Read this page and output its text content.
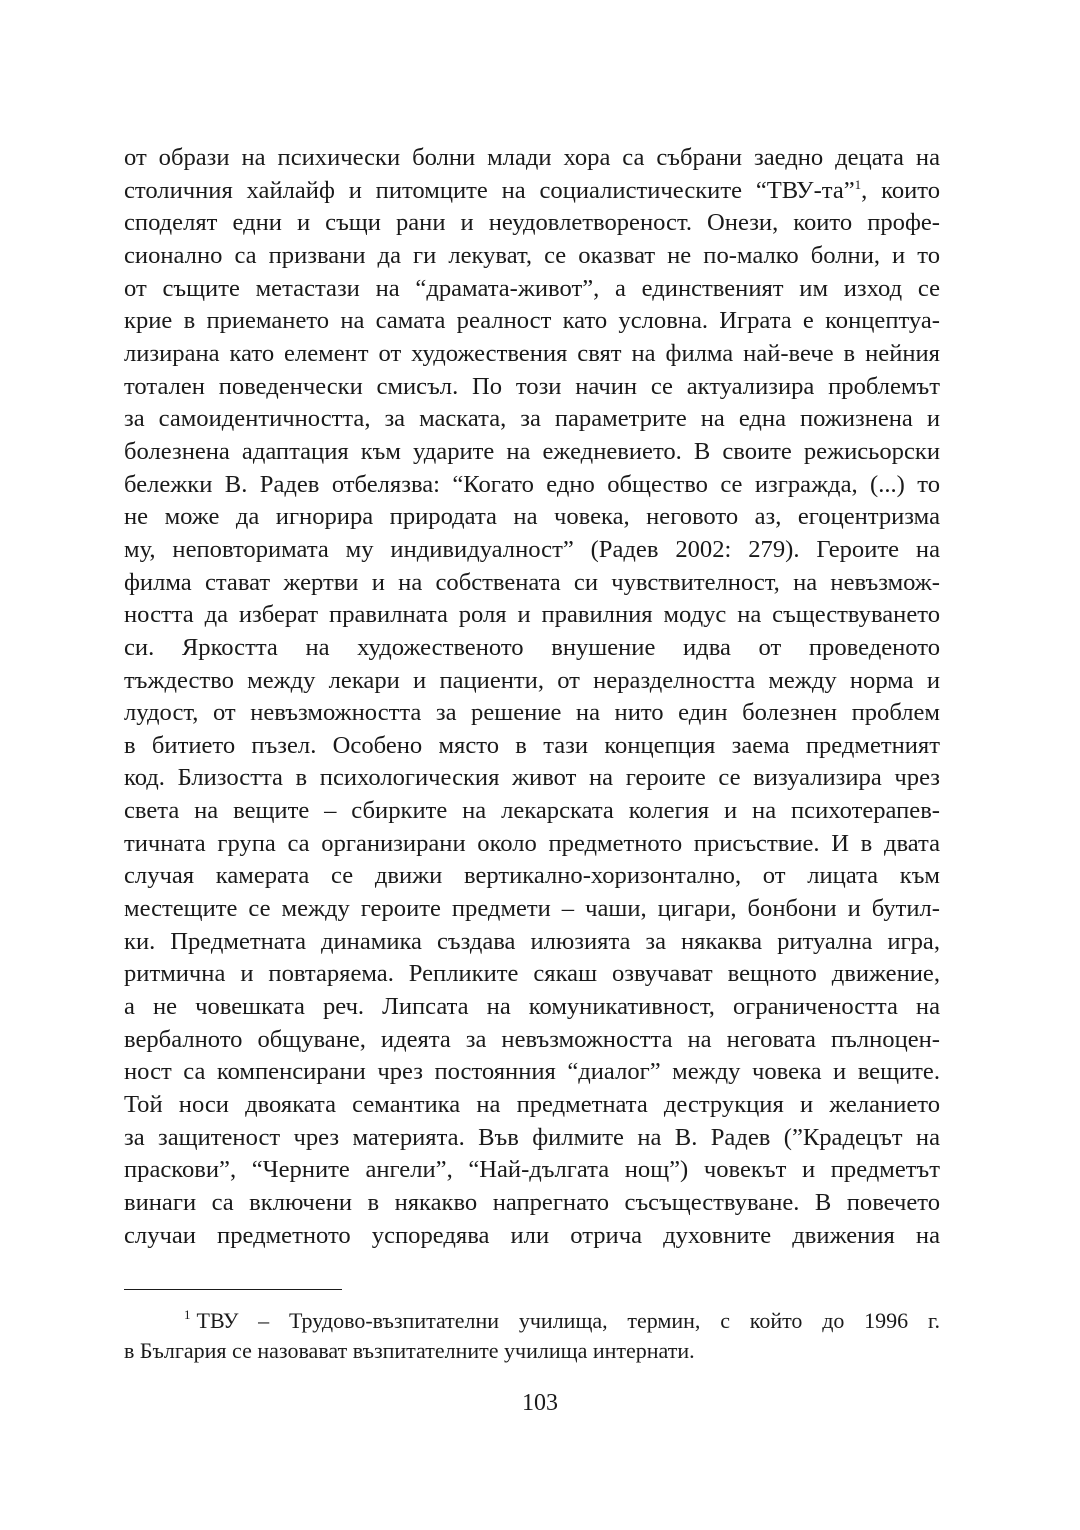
от образи на психически болни млади хора са събрани заедно децата на
столичния хайлайф и питомците на социалистическите “ТВУ-та”$^1$, които
споделят едни и същи рани и неудовлетвореност. Онези, които профе-
сионално са призвани да ги лекуват, се оказват не по-малко болни, и то
от същите метастази на “драмата-живот”, а единственият им изход се
крие в приемането на самата реалност като условна. Играта е концептуа-
лизирана като елемент от художествения свят на филма най-вече в нейния
тотален поведенчески смисъл. По този начин се актуализира проблемът
за самоидентичността, за маската, за параметрите на една пожизнена и
болезнена адаптация към ударите на ежедневието. В своите режисьорски
бележки В. Радев отбелязва: “Когато едно общество се изгражда, (...) то
не може да игнорира природата на човека, неговото аз, егоцентризма
му, неповторимата му индивидуалност” (Радев 2002: 279). Героите на
филма стават жертви и на собствената си чувствителност, на невъзмож-
ността да изберат правилната роля и правилния модус на съществуването
си. Яркостта на художественото внушение идва от проведеното
тъждество между лекари и пациенти, от неразделността между норма и
лудост, от невъзможността за решение на нито един болезнен проблем
в битието пъзел. Особено място в тази концепция заема предметният
код. Близостта в психологическия живот на героите се визуализира чрез
света на вещите – сбирките на лекарската колегия и на психотерапев-
тичната група са организирани около предметното присъствие. И в двата
случая камерата се движи вертикално-хоризонтално, от лицата към
местещите се между героите предмети – чаши, цигари, бонбони и бутил-
ки. Предметната динамика създава илюзията за някаква ритуална игра,
ритмична и повтаряема. Репликите сякаш озвучават вещното движение,
а не човешката реч. Липсата на комуникативност, ограничеността на
вербалното общуване, идеята за невъзможността на неговата пълноцен-
ност са компенсирани чрез постоянния “диалог” между човека и вещите.
Той носи двояката семантика на предметната деструкция и желанието
за защитеност чрез материята. Във филмите на В. Радев (”Крадецът на
праскови”, “Черните ангели”, “Най-дългата нощ”) човекът и предметът
винаги са включени в някакво напрегнато съсъществуване. В повечето
случаи предметното успоредява или отрича духовните движения на
$^1$ ТВУ – Трудово-възпитателни училища, термин, с който до 1996 г.
в България се назовават възпитателните училища интернати.
103
